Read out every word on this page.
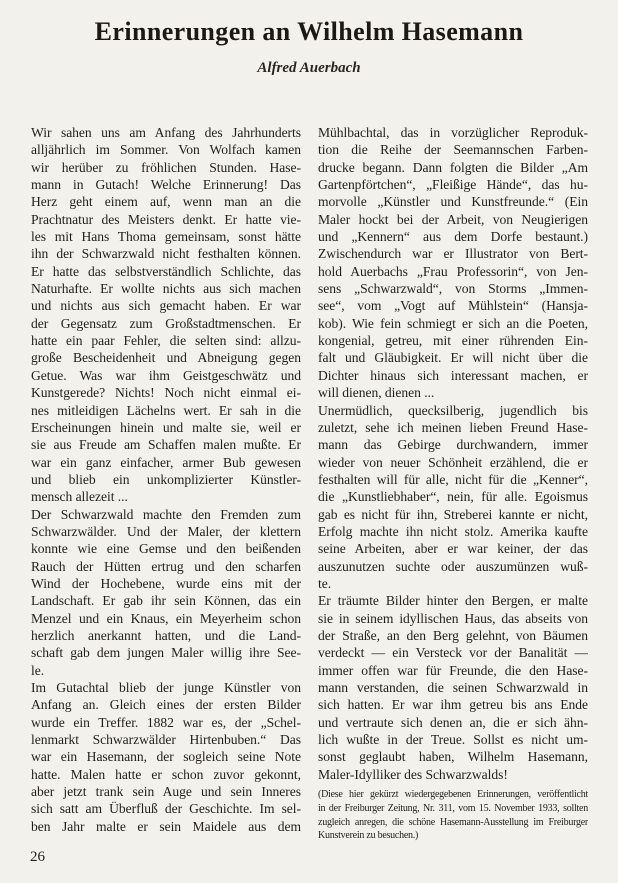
Erinnerungen an Wilhelm Hasemann
Alfred Auerbach
Wir sahen uns am Anfang des Jahrhunderts
alljährlich im Sommer. Von Wolfach kamen
wir herüber zu fröhlichen Stunden. Hase-
mann in Gutach! Welche Erinnerung! Das
Herz geht einem auf, wenn man an die
Prachtnatur des Meisters denkt. Er hatte vie-
les mit Hans Thoma gemeinsam, sonst hätte
ihn der Schwarzwald nicht festhalten können.
Er hatte das selbstverständlich Schlichte, das
Naturhafte. Er wollte nichts aus sich machen
und nichts aus sich gemacht haben. Er war
der Gegensatz zum Großstadtmenschen. Er
hatte ein paar Fehler, die selten sind: allzu-
große Bescheidenheit und Abneigung gegen
Getue. Was war ihm Geistgeschwätz und
Kunstgerede? Nichts! Noch nicht einmal ei-
nes mitleidigen Lächelns wert. Er sah in die
Erscheinungen hinein und malte sie, weil er
sie aus Freude am Schaffen malen mußte. Er
war ein ganz einfacher, armer Bub gewesen
und blieb ein unkomplizierter Künstler-
mensch allezeit ...
Der Schwarzwald machte den Fremden zum
Schwarzwälder. Und der Maler, der klettern
konnte wie eine Gemse und den beißenden
Rauch der Hütten ertrug und den scharfen
Wind der Hochebene, wurde eins mit der
Landschaft. Er gab ihr sein Können, das ein
Menzel und ein Knaus, ein Meyerheim schon
herzlich anerkannt hatten, und die Land-
schaft gab dem jungen Maler willig ihre See-
le.
Im Gutachtal blieb der junge Künstler von
Anfang an. Gleich eines der ersten Bilder
wurde ein Treffer. 1882 war es, der „Schel-
lenmarkt Schwarzwälder Hirtenbuben.“ Das
war ein Hasemann, der sogleich seine Note
hatte. Malen hatte er schon zuvor gekonnt,
aber jetzt trank sein Auge und sein Inneres
sich satt am Überfluß der Geschichte. Im sel-
ben Jahr malte er sein Maidele aus dem
Mühlbachtal, das in vorzüglicher Reproduk-
tion die Reihe der Seemannschen Farben-
drucke begann. Dann folgten die Bilder „Am
Gartenpförtchen“, „Fleißige Hände“, das hu-
morvolle „Künstler und Kunstfreunde.“ (Ein
Maler hockt bei der Arbeit, von Neugierigen
und „Kennern“ aus dem Dorfe bestaunt.)
Zwischendurch war er Illustrator von Bert-
hold Auerbachs „Frau Professorin“, von Jen-
sens „Schwarzwald“, von Storms „Immen-
see“, vom „Vogt auf Mühlstein“ (Hansja-
kob). Wie fein schmiegt er sich an die Poeten,
kongenial, getreu, mit einer rührenden Ein-
falt und Gläubigkeit. Er will nicht über die
Dichter hinaus sich interessant machen, er
will dienen, dienen ...
Unermüdlich, quecksilberig, jugendlich bis
zuletzt, sehe ich meinen lieben Freund Hase-
mann das Gebirge durchwandern, immer
wieder von neuer Schönheit erzählend, die er
festhalten will für alle, nicht für die „Kenner“,
die „Kunstliebhaber“, nein, für alle. Egoismus
gab es nicht für ihn, Streberei kannte er nicht,
Erfolg machte ihn nicht stolz. Amerika kaufte
seine Arbeiten, aber er war keiner, der das
auszunutzen suchte oder auszumünzen wuß-
te.
Er träumte Bilder hinter den Bergen, er malte
sie in seinem idyllischen Haus, das abseits von
der Straße, an den Berg gelehnt, von Bäumen
verdeckt — ein Versteck vor der Banalität —
immer offen war für Freunde, die den Hase-
mann verstanden, die seinen Schwarzwald in
sich hatten. Er war ihm getreu bis ans Ende
und vertraute sich denen an, die er sich ähn-
lich wußte in der Treue. Sollst es nicht um-
sonst geglaubt haben, Wilhelm Hasemann,
Maler-Idylliker des Schwarzwalds!
(Diese hier gekürzt wiedergegebenen Erinnerungen, veröffentlicht
in der Freiburger Zeitung, Nr. 311, vom 15. November 1933, sollten
zugleich anregen, die schöne Hasemann-Ausstellung im Freiburger
Kunstverein zu besuchen.)
26
